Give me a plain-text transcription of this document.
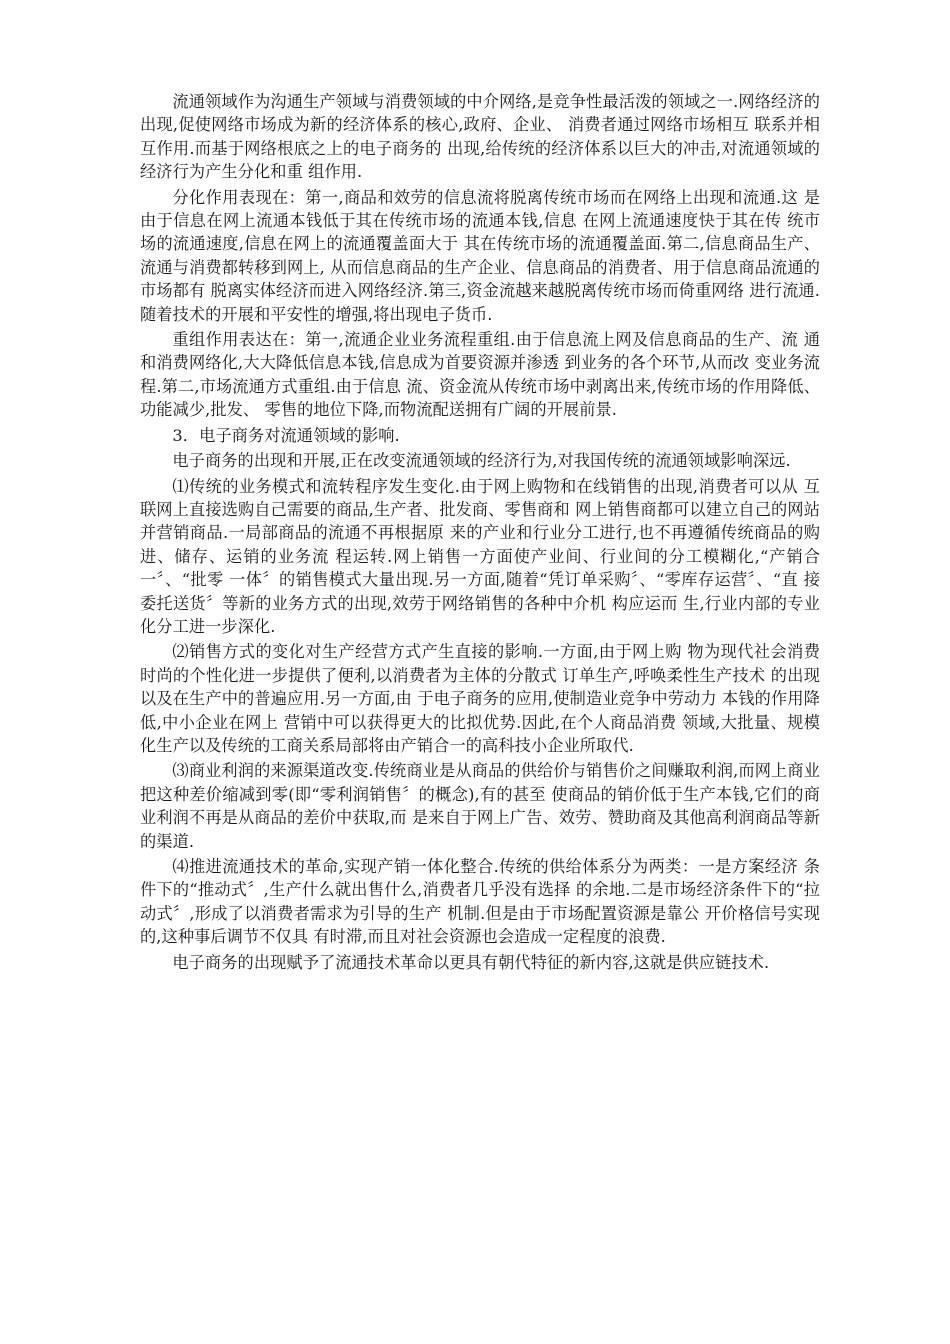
流通领域作为沟通生产领域与消费领域的中介网络,是竞争性最活泼的领域之一.网络经济的出现,促使网络市场成为新的经济体系的核心,政府、企业、 消费者通过网络市场相互 联系并相互作用.而基于网络根底之上的电子商务的 出现,给传统的经济体系以巨大的冲击,对流通领域的经济行为产生分化和重 组作用.

分化作用表现在：第一,商品和效劳的信息流将脱离传统市场而在网络上出现和流通.这 是由于信息在网上流通本钱低于其在传统市场的流通本钱,信息 在网上流通速度快于其在传 统市场的流通速度,信息在网上的流通覆盖面大于 其在传统市场的流通覆盖面.第二,信息商品生产、流通与消费都转移到网上, 从而信息商品的生产企业、信息商品的消费者、用于信息商品流通的市场都有 脱离实体经济而进入网络经济.第三,资金流越来越脱离传统市场而倚重网络 进行流通.随着技术的开展和平安性的增强,将出现电子货币.

重组作用表达在：第一,流通企业业务流程重组.由于信息流上网及信息商品的生产、流 通和消费网络化,大大降低信息本钱,信息成为首要资源并渗透 到业务的各个环节,从而改 变业务流程.第二,市场流通方式重组.由于信息 流、资金流从传统市场中剥离出来,传统市场的作用降低、功能减少,批发、 零售的地位下降,而物流配送拥有广阔的开展前景.

3．电子商务对流通领域的影响.

电子商务的出现和开展,正在改变流通领域的经济行为,对我国传统的流通领域影响深远.

⑴传统的业务模式和流转程序发生变化.由于网上购物和在线销售的出现,消费者可以从 互联网上直接选购自己需要的商品,生产者、批发商、零售商和 网上销售商都可以建立自己的网站并营销商品.一局部商品的流通不再根据原 来的产业和行业分工进行,也不再遵循传统商品的购进、储存、运销的业务流 程运转.网上销售一方面使产业间、行业间的分工模糊化,“产销合一〞、“批零 一体〞的销售模式大量出现.另一方面,随着“凭订单采购〞、“零库存运营〞、“直 接委托送货〞等新的业务方式的出现,效劳于网络销售的各种中介机 构应运而 生,行业内部的专业化分工进一步深化.

⑵销售方式的变化对生产经营方式产生直接的影响.一方面,由于网上购 物为现代社会消费时尚的个性化进一步提供了便利,以消费者为主体的分散式 订单生产,呼唤柔性生产技术 的出现以及在生产中的普遍应用.另一方面,由 于电子商务的应用,使制造业竞争中劳动力 本钱的作用降低,中小企业在网上 营销中可以获得更大的比拟优势.因此,在个人商品消费 领域,大批量、规模 化生产以及传统的工商关系局部将由产销合一的高科技小企业所取代.

⑶商业利润的来源渠道改变.传统商业是从商品的供给价与销售价之间赚取利润,而网上商业把这种差价缩减到零(即“零利润销售〞的概念),有的甚至 使商品的销价低于生产本钱,它们的商业利润不再是从商品的差价中获取,而 是来自于网上广告、效劳、赞助商及其他高利润商品等新的渠道.

⑷推进流通技术的革命,实现产销一体化整合.传统的供给体系分为两类：一是方案经济 条件下的“推动式〞,生产什么就出售什么,消费者几乎没有选择 的余地.二是市场经济条件下的“拉动式〞,形成了以消费者需求为引导的生产 机制.但是由于市场配置资源是靠公 开价格信号实现的,这种事后调节不仅具 有时滞,而且对社会资源也会造成一定程度的浪费.

电子商务的出现赋予了流通技术革命以更具有朝代特征的新内容,这就是供应链技术.
